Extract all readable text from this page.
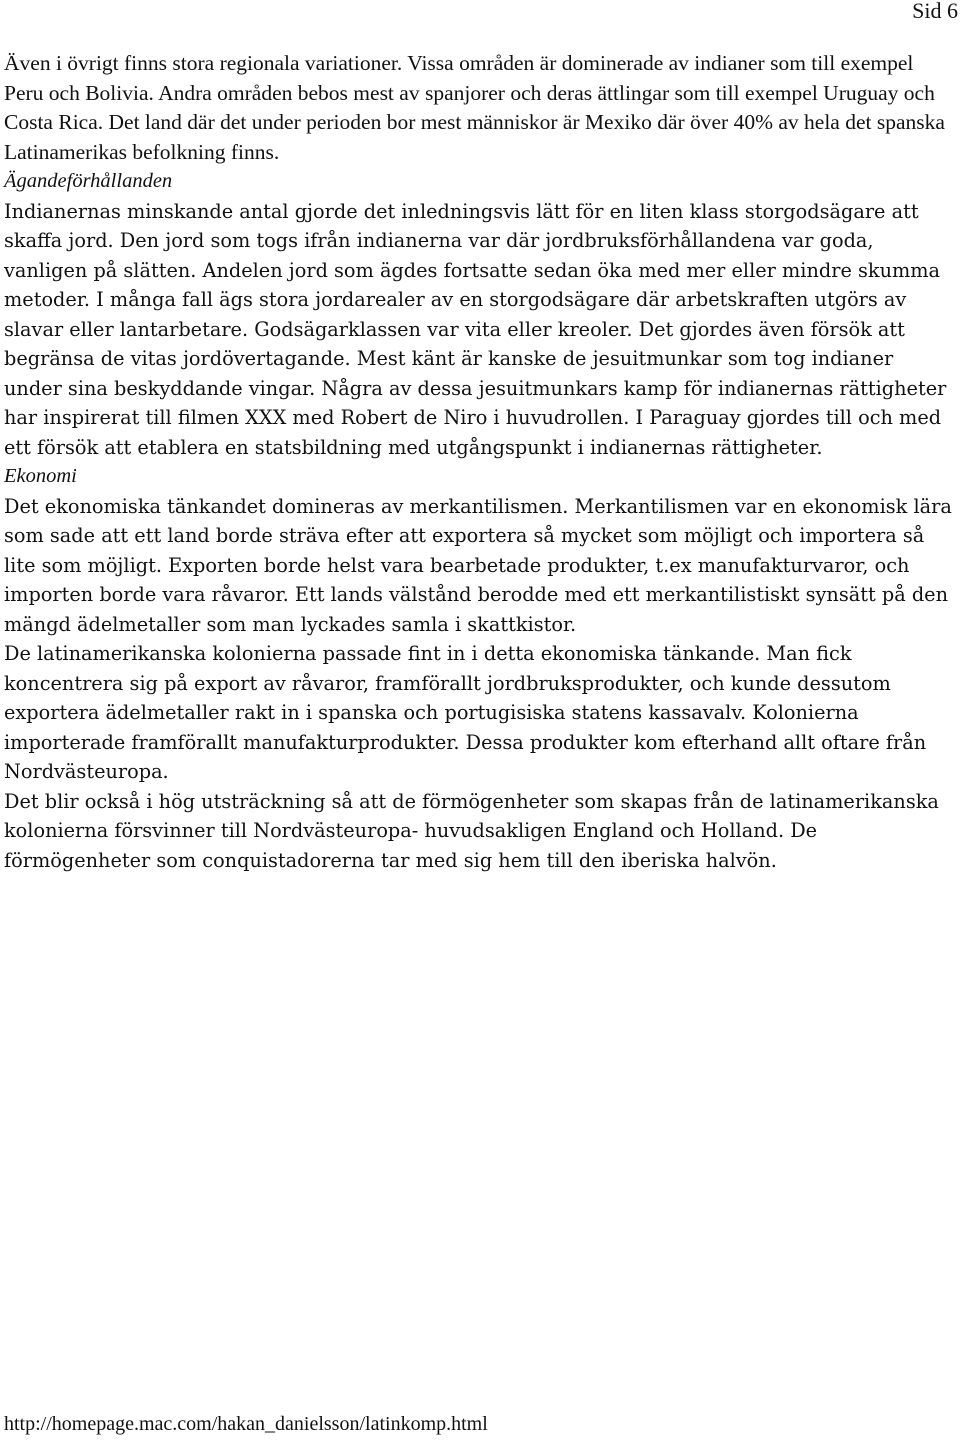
Sid 6

Även i övrigt finns stora regionala variationer. Vissa områden är dominerade av indianer som till exempel Peru och Bolivia. Andra områden bebos mest av spanjorer och deras ättlingar som till exempel Uruguay och Costa Rica. Det land där det under perioden bor mest människor är Mexiko där över 40% av hela det spanska Latinamerikas befolkning finns.

Ägandeförhållanden

Indianernas minskande antal gjorde det inledningsvis lätt för en liten klass storgodsägare att skaffa jord. Den jord som togs ifrån indianerna var där jordbruksförhållandena var goda, vanligen på slätten. Andelen jord som ägdes fortsatte sedan öka med mer eller mindre skumma metoder. I många fall ägs stora jordarealer av en storgodsägare där arbetskraften utgörs av slavar eller lantarbetare. Godsägarklassen var vita eller kreoler. Det gjordes även försök att begränsa de vitas jordövertagande. Mest känt är kanske de jesuitmunkar som tog indianer under sina beskyddande vingar. Några av dessa jesuitmunkars kamp för indianernas rättigheter har inspirerat till filmen XXX med Robert de Niro i huvudrollen. I Paraguay gjordes till och med ett försök att etablera en statsbildning med utgångspunkt i indianernas rättigheter.

Ekonomi

Det ekonomiska tänkandet domineras av merkantilismen. Merkantilismen var en ekonomisk lära som sade att ett land borde sträva efter att exportera så mycket som möjligt och importera så lite som möjligt. Exporten borde helst vara bearbetade produkter, t.ex manufakturvaror, och importen borde vara råvaror. Ett lands välstånd berodde med ett merkantilistiskt synsätt på den mängd ädelmetaller som man lyckades samla i skattkistor.

De latinamerikanska kolonierna passade fint in i detta ekonomiska tänkande. Man fick koncentrera sig på export av råvaror, framförallt jordbruksprodukter, och kunde dessutom exportera ädelmetaller rakt in i spanska och portugisiska statens kassavalv. Kolonierna importerade framförallt manufakturprodukter. Dessa produkter kom efterhand allt oftare från Nordvästeuropa.

Det blir också i hög utsträckning så att de förmögenheter som skapas från de latinamerikanska kolonierna försvinner till Nordvästeuropa- huvudsakligen England och Holland. De förmögenheter som conquistadorerna tar med sig hem till den iberiska halvön.

http://homepage.mac.com/hakan_danielsson/latinkomp.html
